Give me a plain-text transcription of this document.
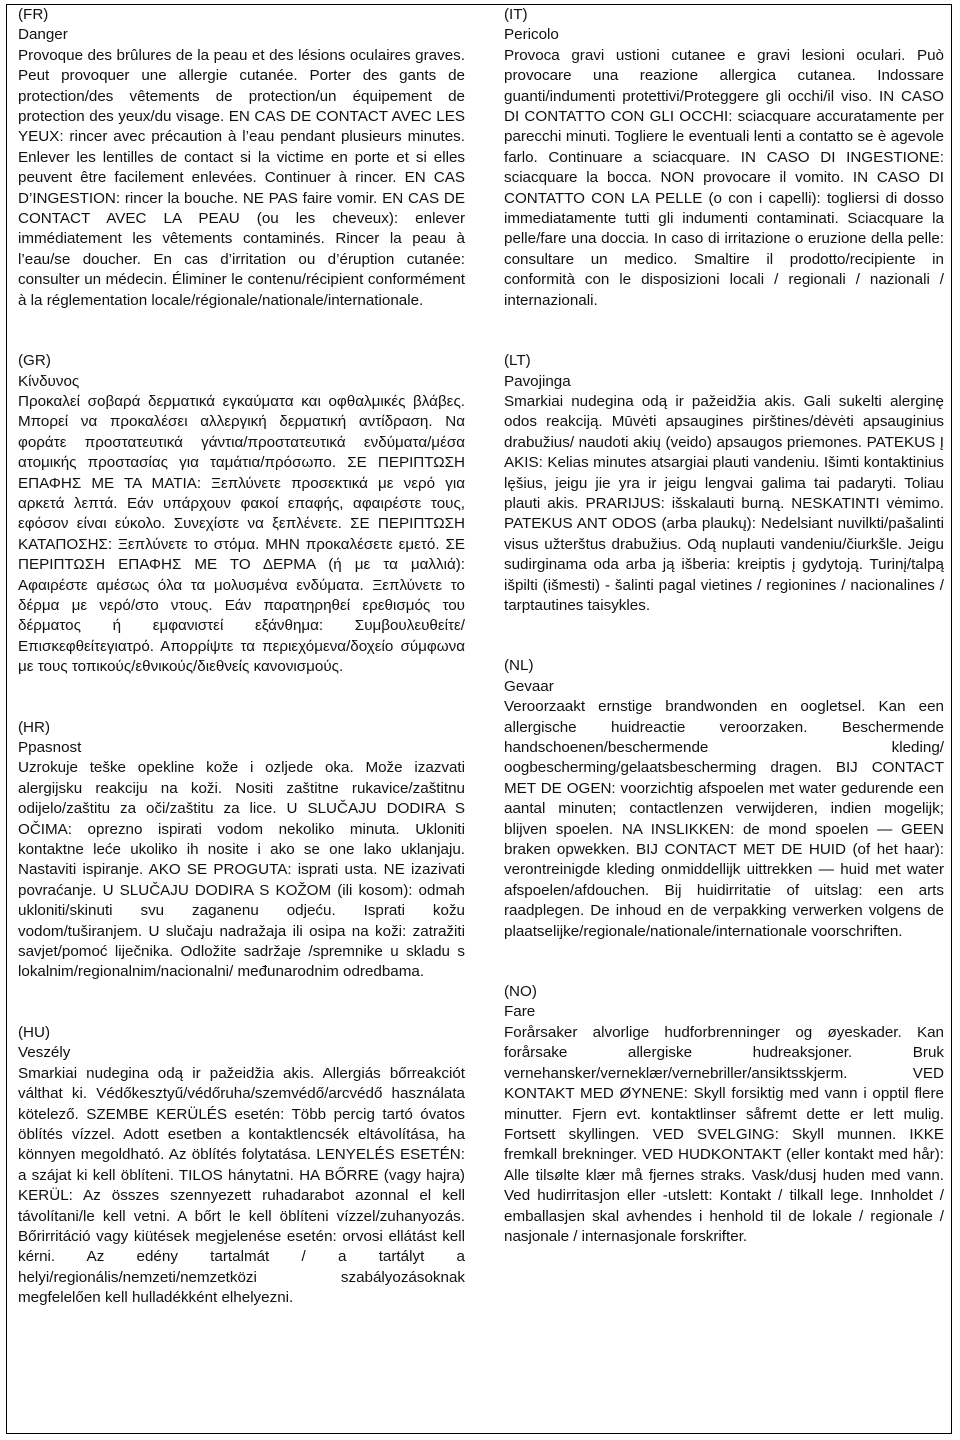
(FR)
Danger

Provoque des brûlures de la peau et des lésions oculaires graves. Peut provoquer une allergie cutanée. Porter des gants de protection/des vêtements de protection/un équipement de protection des yeux/du visage. EN CAS DE CONTACT AVEC LES YEUX: rincer avec précaution à l’eau pendant plusieurs minutes. Enlever les lentilles de contact si la victime en porte et si elles peuvent être facilement enlevées. Continuer à rincer. EN CAS D’INGESTION: rincer la bouche. NE PAS faire vomir. EN CAS DE CONTACT AVEC LA PEAU (ou les cheveux): enlever immédiatement les vêtements contaminés. Rincer la peau à l’eau/se doucher. En cas d’irritation ou d’éruption cutanée: consulter un médecin. Éliminer le contenu/récipient conformément à la réglementation locale/régionale/nationale/internationale.

(GR)
Κίνδυνος

Προκαλεί σοβαρά δερματικά εγκαύματα και οφθαλμικές βλάβες. Μπορεί να προκαλέσει αλλεργική δερματική αντίδραση. Να φοράτε προστατευτικά γάντια/προστατευτικά ενδύματα/μέσα ατομικής προστασίας για ταμάτια/πρόσωπο. ΣΕ ΠΕΡΙΠΤΩΣΗ ΕΠΑΦΗΣ ΜΕ ΤΑ ΜΑΤΙΑ: Ξεπλύνετε προσεκτικά με νερό για αρκετά λεπτά. Εάν υπάρχουν φακοί επαφής, αφαιρέστε τους, εφόσον είναι εύκολο. Συνεχίστε να ξεπλένετε. ΣΕ ΠΕΡΙΠΤΩΣΗ ΚΑΤΑΠΟΣΗΣ: Ξεπλύνετε το στόμα. ΜΗΝ προκαλέσετε εμετό. ΣΕ ΠΕΡΙΠΤΩΣΗ ΕΠΑΦΗΣ ΜΕ ΤΟ ΔΕΡΜΑ (ή με τα μαλλιά): Αφαιρέστε αμέσως όλα τα μολυσμένα ενδύματα. Ξεπλύνετε το δέρμα με νερό/στο ντους. Εάν παρατηρηθεί ερεθισμός του δέρματος ή εμφανιστεί εξάνθημα: Συμβουλευθείτε/Επισκεφθείτεγιατρό. Απορρίψτε τα περιεχόμενα/δοχείο σύμφωνα με τους τοπικούς/εθνικούς/διεθνείς κανονισμούς.

(HR)
Ppasnost

Uzrokuje teške opekline kože i ozljede oka. Može izazvati alergijsku reakciju na koži. Nositi zaštitne rukavice/zaštitnu odijelo/zaštitu za oči/zaštitu za lice. U SLUČAJU DODIRA S OČIMA: oprezno ispirati vodom nekoliko minuta. Ukloniti kontaktne leće ukoliko ih nosite i ako se one lako uklanjaju. Nastaviti ispiranje. AKO SE PROGUTA: isprati usta. NE izazivati povraćanje. U SLUČAJU DODIRA S KOŽOM (ili kosom): odmah ukloniti/skinuti svu zaganenu odjeću. Isprati kožu vodom/tuširanjem. U slučaju nadražaja ili osipa na koži: zatražiti savjet/pomoć liječnika. Odložite sadržaje /spremnike u skladu s lokalnim/regionalnim/nacionalni/ međunarodnim odredbama.

(HU)
Veszély

Smarkiai nudegina odą ir pažeidžia akis. Allergiás bőrreakciót válthat ki. Védőkesztyű/védőruha/szemvédő/arcvédő használata kötelező. SZEMBE KERÜLÉS esetén: Több percig tartó óvatos öblítés vízzel. Adott esetben a kontaktlencsék eltávolítása, ha könnyen megoldható. Az öblítés folytatása. LENYELÉS ESETÉN: a szájat ki kell öblíteni. TILOS hánytatni. HA BŐRRE (vagy hajra) KERÜL: Az összes szennyezett ruhadarabot azonnal el kell távolítani/le kell vetni. A bőrt le kell öblíteni vízzel/zuhanyozás. Bőrirritáció vagy kiütések megjelenése esetén: orvosi ellátást kell kérni. Az edény tartalmát / a tartályt a helyi/regionális/nemzeti/nemzetközi szabályozásoknak megfelelően kell hulladékként elhelyezni.

(IT)
Pericolo

Provoca gravi ustioni cutanee e gravi lesioni oculari. Può provocare una reazione allergica cutanea. Indossare guanti/indumenti protettivi/Proteggere gli occhi/il viso. IN CASO DI CONTATTO CON GLI OCCHI: sciacquare accuratamente per parecchi minuti. Togliere le eventuali lenti a contatto se è agevole farlo. Continuare a sciacquare. IN CASO DI INGESTIONE: sciacquare la bocca. NON provocare il vomito. IN CASO DI CONTATTO CON LA PELLE (o con i capelli): togliersi di dosso immediatamente tutti gli indumenti contaminati. Sciacquare la pelle/fare una doccia. In caso di irritazione o eruzione della pelle: consultare un medico. Smaltire il prodotto/recipiente in conformità con le disposizioni locali / regionali / nazionali / internazionali.

(LT)
Pavojinga

Smarkiai nudegina odą ir pažeidžia akis. Gali sukelti alerginę odos reakciją. Mūvėti apsaugines pirštines/dėvėti apsauginius drabužius/ naudoti akių (veido) apsaugos priemones. PATEKUS Į AKIS: Kelias minutes atsargiai plauti vandeniu. Išimti kontaktinius lęšius, jeigu jie yra ir jeigu lengvai galima tai padaryti. Toliau plauti akis. PRARIJUS: išskalauti burną. NESKATINTI vėmimo. PATEKUS ANT ODOS (arba plaukų): Nedelsiant nuvilkti/pašalinti visus užterštus drabužius. Odą nuplauti vandeniu/čiurkšle. Jeigu sudirginama oda arba ją išberia: kreiptis į gydytoją. Turinį/talpą išpilti (išmesti) - šalinti pagal vietines / regionines / nacionalines / tarptautines taisykles.

(NL)
Gevaar

Veroorzaakt ernstige brandwonden en oogletsel. Kan een allergische huidreactie veroorzaken. Beschermende handschoenen/beschermende kleding/ oogbescherming/gelaatsbescherming dragen. BIJ CONTACT MET DE OGEN: voorzichtig afspoelen met water gedurende een aantal minuten; contactlenzen verwijderen, indien mogelijk; blijven spoelen. NA INSLIKKEN: de mond spoelen — GEEN braken opwekken. BIJ CONTACT MET DE HUID (of het haar): verontreinigde kleding onmiddellijk uittrekken — huid met water afspoelen/afdouchen. Bij huidirritatie of uitslag: een arts raadplegen. De inhoud en de verpakking verwerken volgens de plaatselijke/regionale/nationale/internationale voorschriften.

(NO)
Fare

Forårsaker alvorlige hudforbrenninger og øyeskader. Kan forårsake allergiske hudreaksjoner. Bruk vernehansker/verneklær/vernebriller/ansiktsskjerm. VED KONTAKT MED ØYNENE: Skyll forsiktig med vann i opptil flere minutter. Fjern evt. kontaktlinser såfremt dette er lett mulig. Fortsett skyllingen. VED SVELGING: Skyll munnen. IKKE fremkall brekninger. VED HUDKONTAKT (eller kontakt med hår): Alle tilsølte klær må fjernes straks. Vask/dusj huden med vann. Ved hudirritasjon eller -utslett: Kontakt / tilkall lege. Innholdet / emballasjen skal avhendes i henhold til de lokale / regionale / nasjonale / internasjonale forskrifter.
